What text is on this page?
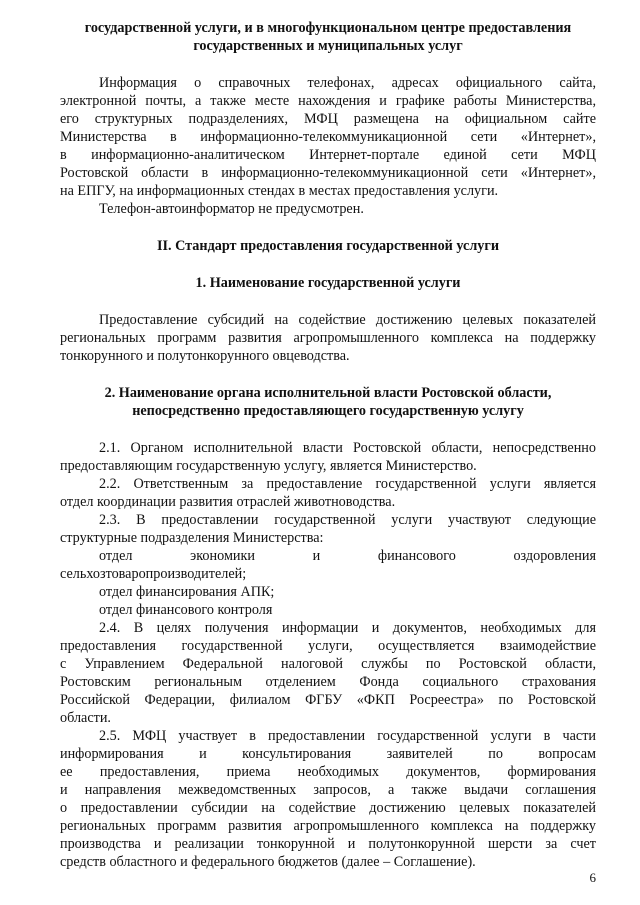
государственной услуги, и в многофункциональном центре предоставления
государственных и муниципальных услуг
Информация о справочных телефонах, адресах официального сайта,
электронной почты, а также месте нахождения и графике работы Министерства,
его структурных подразделениях, МФЦ размещена на официальном сайте
Министерства в информационно-телекоммуникационной сети «Интернет»,
в информационно-аналитическом Интернет-портале единой сети МФЦ
Ростовской области в информационно-телекоммуникационной сети «Интернет»,
на ЕПГУ, на информационных стендах в местах предоставления услуги.
Телефон-автоинформатор не предусмотрен.
II. Стандарт предоставления государственной услуги
1. Наименование государственной услуги
Предоставление субсидий на содействие достижению целевых показателей
региональных программ развития агропромышленного комплекса на поддержку
тонкорунного и полутонкорунного овцеводства.
2. Наименование органа исполнительной власти Ростовской области,
непосредственно предоставляющего государственную услугу
2.1. Органом исполнительной власти Ростовской области, непосредственно
предоставляющим государственную услугу, является Министерство.
2.2. Ответственным за предоставление государственной услуги является
отдел координации развития отраслей животноводства.
2.3. В предоставлении государственной услуги участвуют следующие
структурные подразделения Министерства:
отдел экономики и финансового оздоровления
сельхозтоваропроизводителей;
отдел финансирования АПК;
отдел финансового контроля
2.4. В целях получения информации и документов, необходимых для
предоставления государственной услуги, осуществляется взаимодействие
с Управлением Федеральной налоговой службы по Ростовской области,
Ростовским региональным отделением Фонда социального страхования
Российской Федерации, филиалом ФГБУ «ФКП Росреестра» по Ростовской
области.
2.5. МФЦ участвует в предоставлении государственной услуги в части
информирования и консультирования заявителей по вопросам
ее предоставления, приема необходимых документов, формирования
и направления межведомственных запросов, а также выдачи соглашения
о предоставлении субсидии на содействие достижению целевых показателей
региональных программ развития агропромышленного комплекса на поддержку
производства и реализации тонкорунной и полутонкорунной шерсти за счет
средств областного и федерального бюджетов (далее – Соглашение).
6
